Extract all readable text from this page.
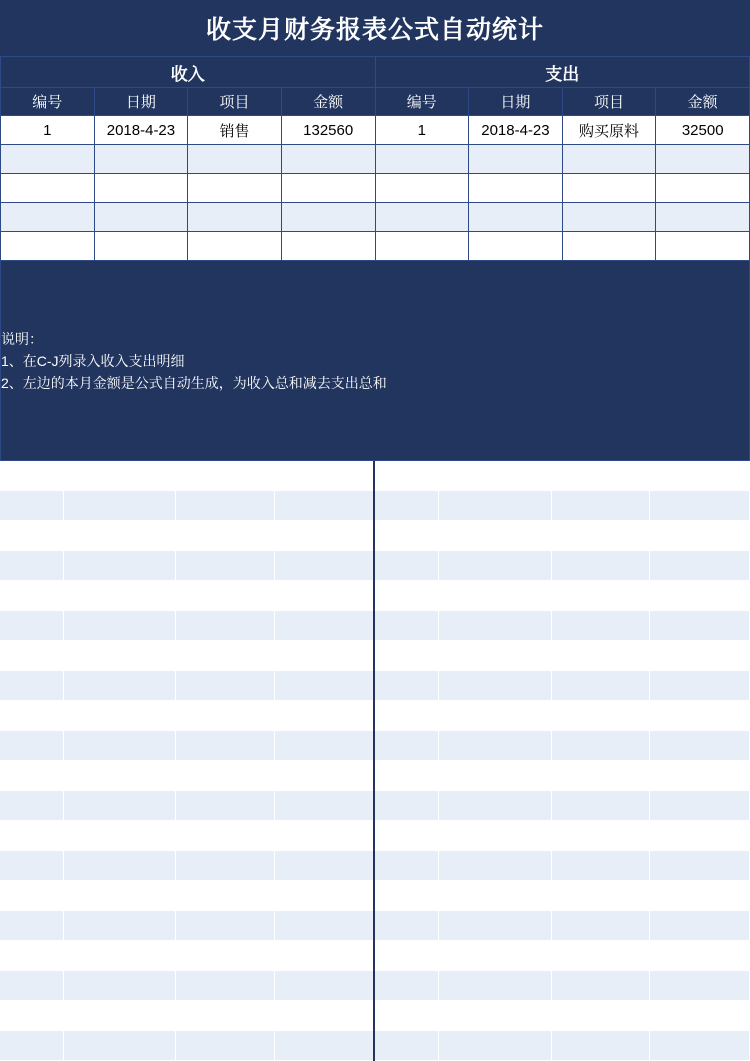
收支月财务报表公式自动统计
收入				支出			
编号	日期	项目	金额	编号	日期	项目	金额
1	2018-4-23	销售	132560	1	2018-4-23	购买原料	32500

说明：
1、在C-J列录入收入支出明细
2、左边的本月金额是公式自动生成，为收入总和减去支出总和							
